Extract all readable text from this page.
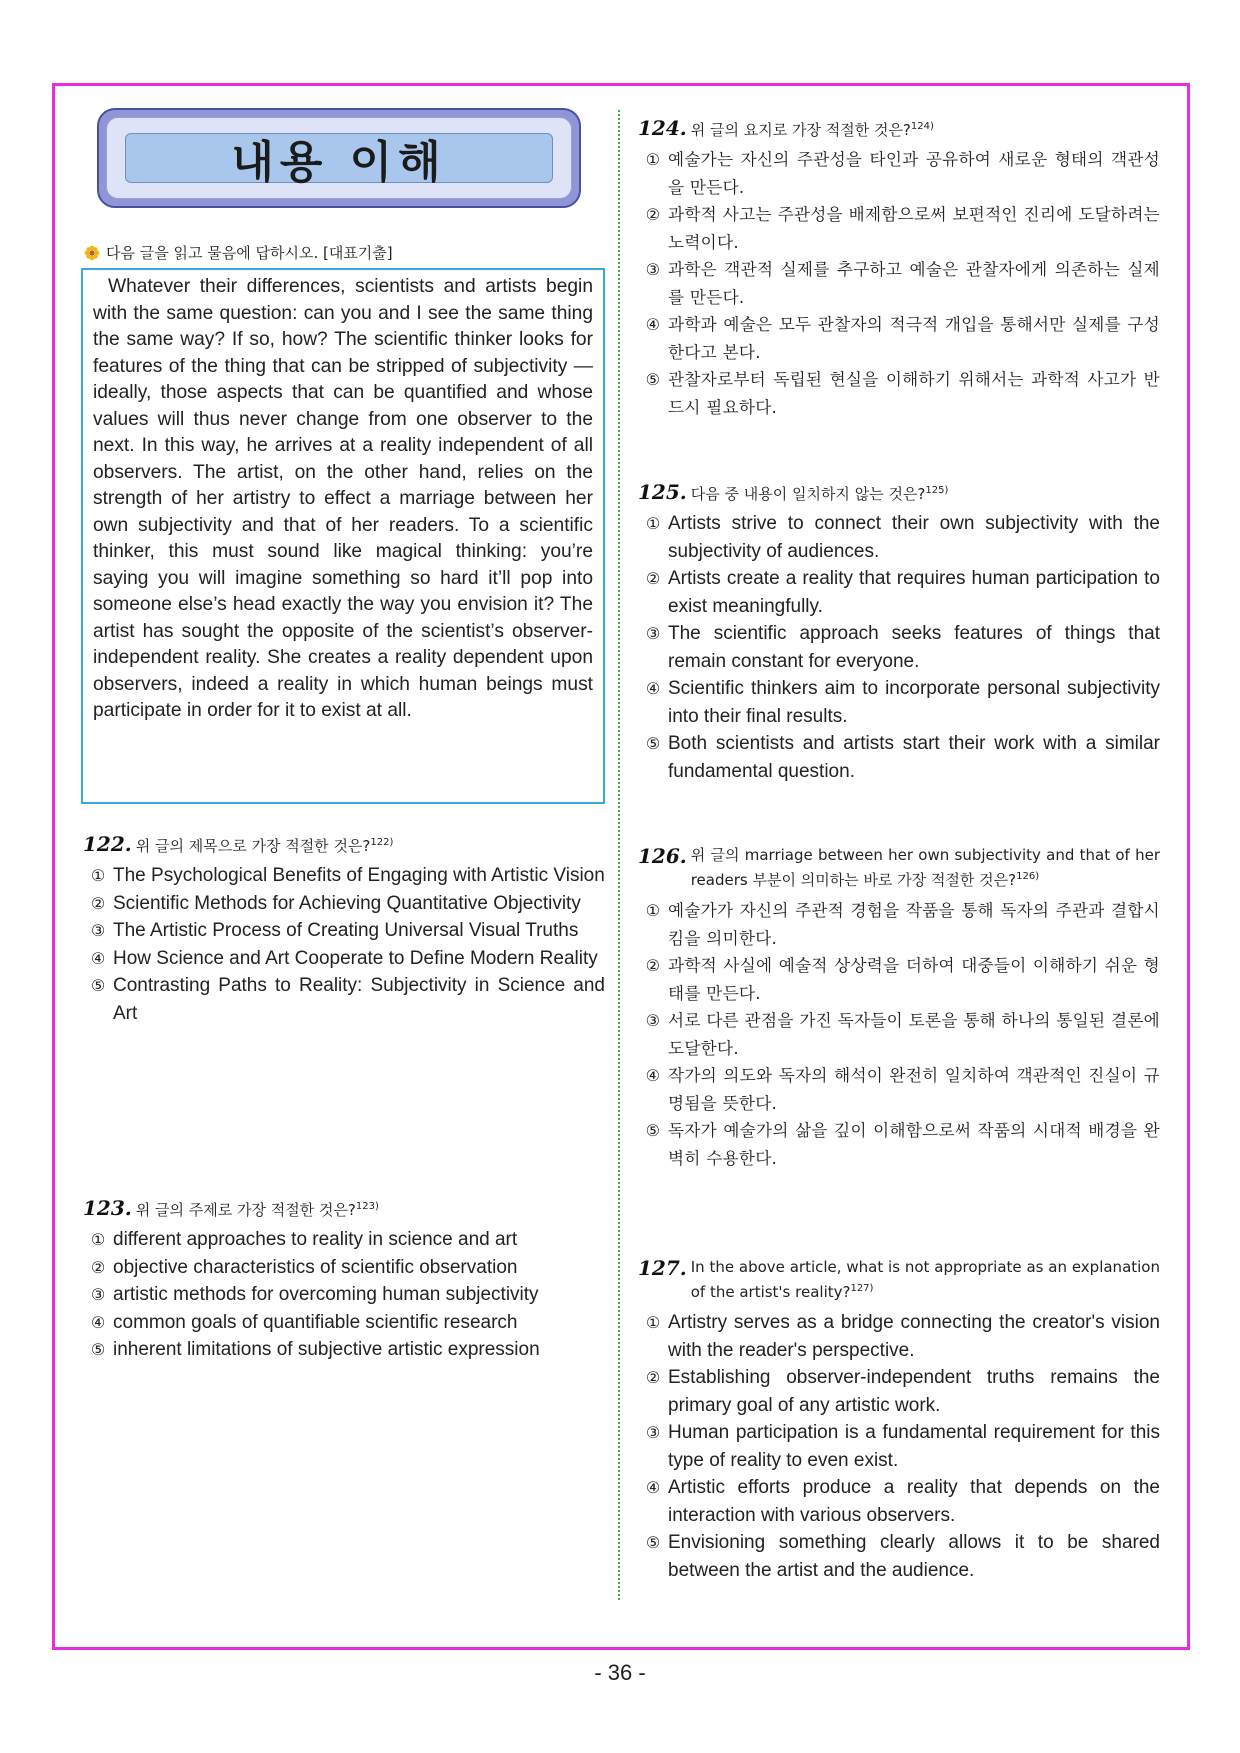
내용 이해
다음 글을 읽고 물음에 답하시오. [대표기출]

Whatever their differences, scientists and artists begin with the same question: can you and I see the same thing the same way? If so, how? The scientific thinker looks for features of the thing that can be stripped of subjectivity — ideally, those aspects that can be quantified and whose values will thus never change from one observer to the next. In this way, he arrives at a reality independent of all observers. The artist, on the other hand, relies on the strength of her artistry to effect a marriage between her own subjectivity and that of her readers. To a scientific thinker, this must sound like magical thinking: you’re saying you will imagine something so hard it’ll pop into someone else’s head exactly the way you envision it? The artist has sought the opposite of the scientist’s observer-independent reality. She creates a reality dependent upon observers, indeed a reality in which human beings must participate in order for it to exist at all.

122. 위 글의 제목으로 가장 적절한 것은?$^{122)}$
① The Psychological Benefits of Engaging with Artistic Vision
② Scientific Methods for Achieving Quantitative Objectivity
③ The Artistic Process of Creating Universal Visual Truths
④ How Science and Art Cooperate to Define Modern Reality
⑤ Contrasting Paths to Reality: Subjectivity in Science and Art
123. 위 글의 주제로 가장 적절한 것은?$^{123)}$
① different approaches to reality in science and art
② objective characteristics of scientific observation
③ artistic methods for overcoming human subjectivity
④ common goals of quantifiable scientific research
⑤ inherent limitations of subjective artistic expression
124. 위 글의 요지로 가장 적절한 것은?$^{124)}$
① 예술가는 자신의 주관성을 타인과 공유하여 새로운 형태의 객관성을 만든다.
② 과학적 사고는 주관성을 배제함으로써 보편적인 진리에 도달하려는 노력이다.
③ 과학은 객관적 실제를 추구하고 예술은 관찰자에게 의존하는 실제를 만든다.
④ 과학과 예술은 모두 관찰자의 적극적 개입을 통해서만 실제를 구성한다고 본다.
⑤ 관찰자로부터 독립된 현실을 이해하기 위해서는 과학적 사고가 반드시 필요하다.
125. 다음 중 내용이 일치하지 않는 것은?$^{125)}$
① Artists strive to connect their own subjectivity with the subjectivity of audiences.
② Artists create a reality that requires human participation to exist meaningfully.
③ The scientific approach seeks features of things that remain constant for everyone.
④ Scientific thinkers aim to incorporate personal subjectivity into their final results.
⑤ Both scientists and artists start their work with a similar fundamental question.
126. 위 글의 marriage between her own subjectivity and that of her readers 부분이 의미하는 바로 가장 적절한 것은?$^{126)}$
① 예술가가 자신의 주관적 경험을 작품을 통해 독자의 주관과 결합시킴을 의미한다.
② 과학적 사실에 예술적 상상력을 더하여 대중들이 이해하기 쉬운 형태를 만든다.
③ 서로 다른 관점을 가진 독자들이 토론을 통해 하나의 통일된 결론에 도달한다.
④ 작가의 의도와 독자의 해석이 완전히 일치하여 객관적인 진실이 규명됨을 뜻한다.
⑤ 독자가 예술가의 삶을 깊이 이해함으로써 작품의 시대적 배경을 완벽히 수용한다.
127. In the above article, what is not appropriate as an explanation of the artist's reality?$^{127)}$
① Artistry serves as a bridge connecting the creator's vision with the reader's perspective.
② Establishing observer-independent truths remains the primary goal of any artistic work.
③ Human participation is a fundamental requirement for this type of reality to even exist.
④ Artistic efforts produce a reality that depends on the interaction with various observers.
⑤ Envisioning something clearly allows it to be shared between the artist and the audience.
- 36 -
